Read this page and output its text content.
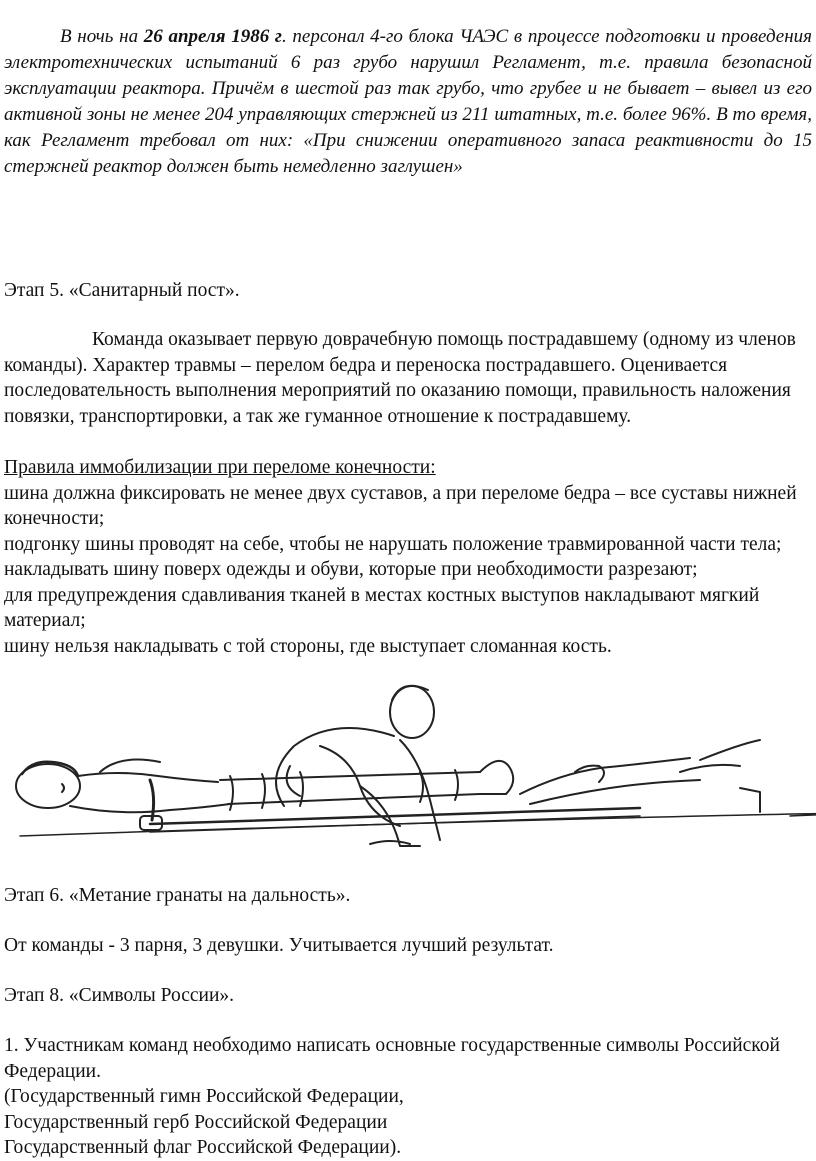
В ночь на 26 апреля 1986 г. персонал 4-го блока ЧАЭС в процессе подготовки и проведения электротехнических испытаний 6 раз грубо нарушил Регламент, т.е. правила безопасной эксплуатации реактора. Причём в шестой раз так грубо, что грубее и не бывает – вывел из его активной зоны не менее 204 управляющих стержней из 211 штатных, т.е. более 96%. В то время, как Регламент требовал от них: «При снижении оперативного запаса реактивности до 15 стержней реактор должен быть немедленно заглушен»

Этап 5. «Санитарный пост».

Команда оказывает первую доврачебную помощь пострадавшему (одному из членов команды). Характер травмы – перелом бедра и переноска пострадавшего. Оценивается последовательность выполнения мероприятий по оказанию помощи, правильность наложения повязки, транспортировки, а так же гуманное отношение к пострадавшему.

Правила иммобилизации при переломе конечности:
шина должна фиксировать не менее двух суставов, а при переломе бедра – все суставы нижней конечности;
подгонку шины проводят на себе, чтобы не нарушать положение травмированной части тела;
накладывать шину поверх одежды и обуви, которые при необходимости разрезают;
для предупреждения сдавливания тканей в местах костных выступов накладывают мягкий материал;
шину нельзя накладывать с той стороны, где выступает сломанная кость.

Этап 6. «Метание гранаты на дальность».

От команды - 3 парня, 3 девушки. Учитывается лучший результат.

Этап 8. «Символы России».

1. Участникам команд необходимо написать основные государственные символы Российской Федерации.
(Государственный гимн Российской Федерации,
Государственный герб Российской Федерации
Государственный флаг Российской Федерации).
